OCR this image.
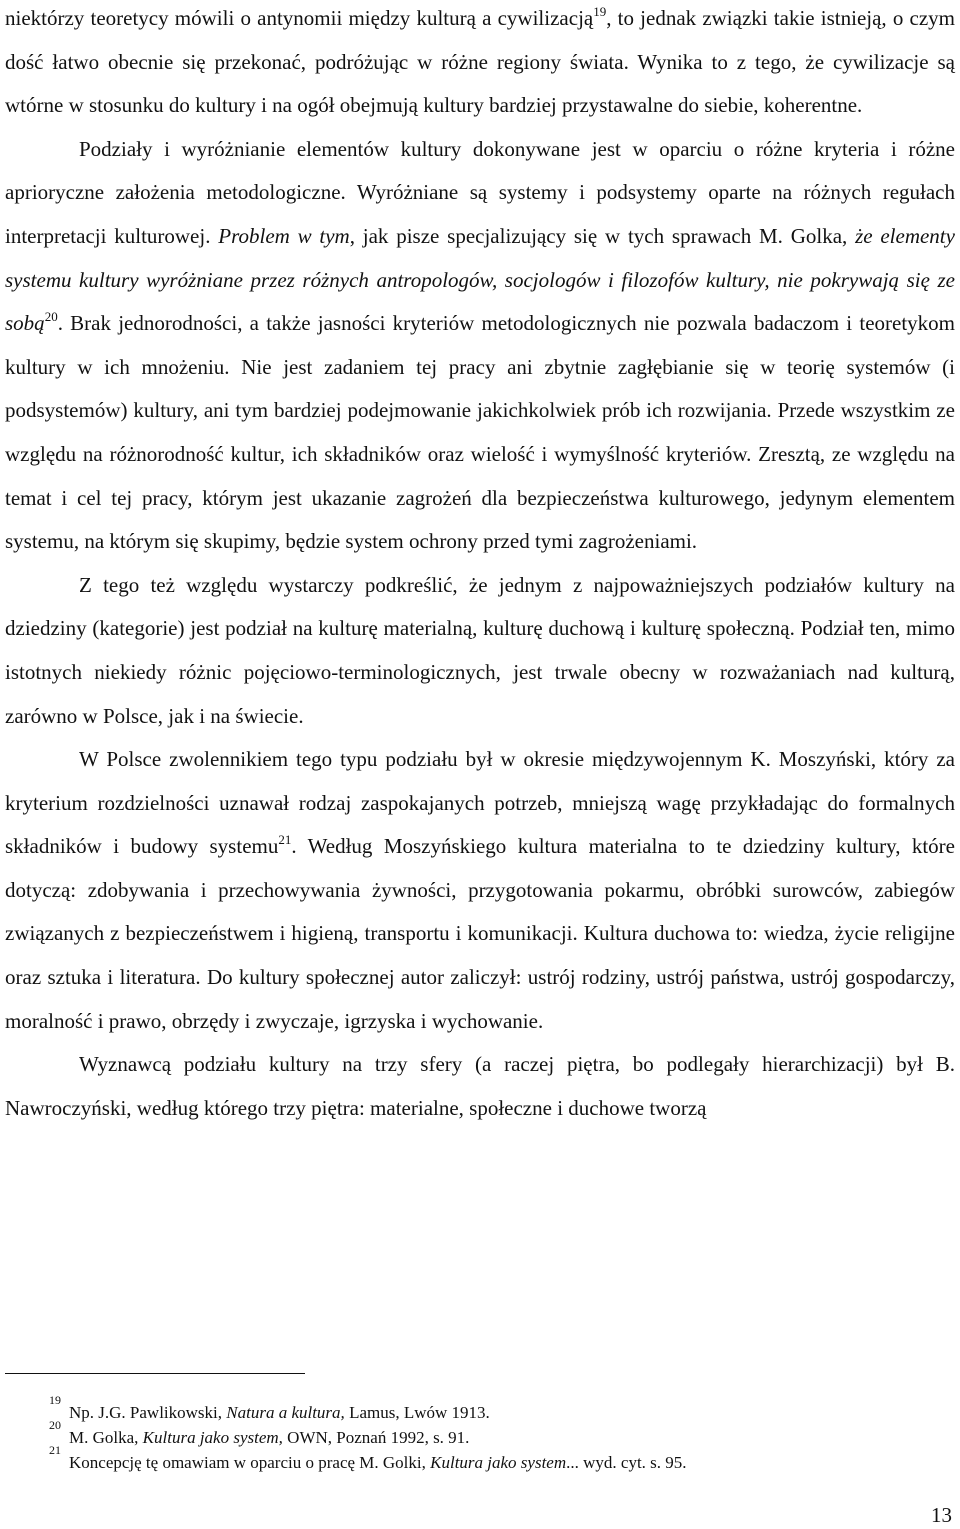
niektórzy teoretycy mówili o antynomii między kulturą a cywilizacją$^{19}$, to jednak związki takie istnieją, o czym dość łatwo obecnie się przekonać, podróżując w różne regiony świata. Wynika to z tego, że cywilizacje są wtórne w stosunku do kultury i na ogół obejmują kultury bardziej przystawalne do siebie, koherentne.

Podziały i wyróżnianie elementów kultury dokonywane jest w oparciu o różne kryteria i różne aprioryczne założenia metodologiczne. Wyróżniane są systemy i podsystemy oparte na różnych regułach interpretacji kulturowej. Problem w tym, jak pisze specjalizujący się w tych sprawach M. Golka, że elementy systemu kultury wyróżniane przez różnych antropologów, socjologów i filozofów kultury, nie pokrywają się ze sobą$^{20}$. Brak jednorodności, a także jasności kryteriów metodologicznych nie pozwala badaczom i teoretykom kultury w ich mnożeniu. Nie jest zadaniem tej pracy ani zbytnie zagłębianie się w teorię systemów (i podsystemów) kultury, ani tym bardziej podejmowanie jakichkolwiek prób ich rozwijania. Przede wszystkim ze względu na różnorodność kultur, ich składników oraz wielość i wymyślność kryteriów. Zresztą, ze względu na temat i cel tej pracy, którym jest ukazanie zagrożeń dla bezpieczeństwa kulturowego, jedynym elementem systemu, na którym się skupimy, będzie system ochrony przed tymi zagrożeniami.

Z tego też względu wystarczy podkreślić, że jednym z najpoważniejszych podziałów kultury na dziedziny (kategorie) jest podział na kulturę materialną, kulturę duchową i kulturę społeczną. Podział ten, mimo istotnych niekiedy różnic pojęciowo-terminologicznych, jest trwale obecny w rozważaniach nad kulturą, zarówno w Polsce, jak i na świecie.

W Polsce zwolennikiem tego typu podziału był w okresie międzywojennym K. Moszyński, który za kryterium rozdzielności uznawał rodzaj zaspokajanych potrzeb, mniejszą wagę przykładając do formalnych składników i budowy systemu$^{21}$. Według Moszyńskiego kultura materialna to te dziedziny kultury, które dotyczą: zdobywania i przechowywania żywności, przygotowania pokarmu, obróbki surowców, zabiegów związanych z bezpieczeństwem i higieną, transportu i komunikacji. Kultura duchowa to: wiedza, życie religijne oraz sztuka i literatura. Do kultury społecznej autor zaliczył: ustrój rodziny, ustrój państwa, ustrój gospodarczy, moralność i prawo, obrzędy i zwyczaje, igrzyska i wychowanie.

Wyznawcą podziału kultury na trzy sfery (a raczej piętra, bo podlegały hierarchizacji) był B. Nawroczyński, według którego trzy piętra: materialne, społeczne i duchowe tworzą

19
Np. J.G. Pawlikowski, Natura a kultura, Lamus, Lwów 1913.

20
M. Golka, Kultura jako system, OWN, Poznań 1992, s. 91.

21
Koncepcję tę omawiam w oparciu o pracę M. Golki, Kultura jako system... wyd. cyt. s. 95.

13
